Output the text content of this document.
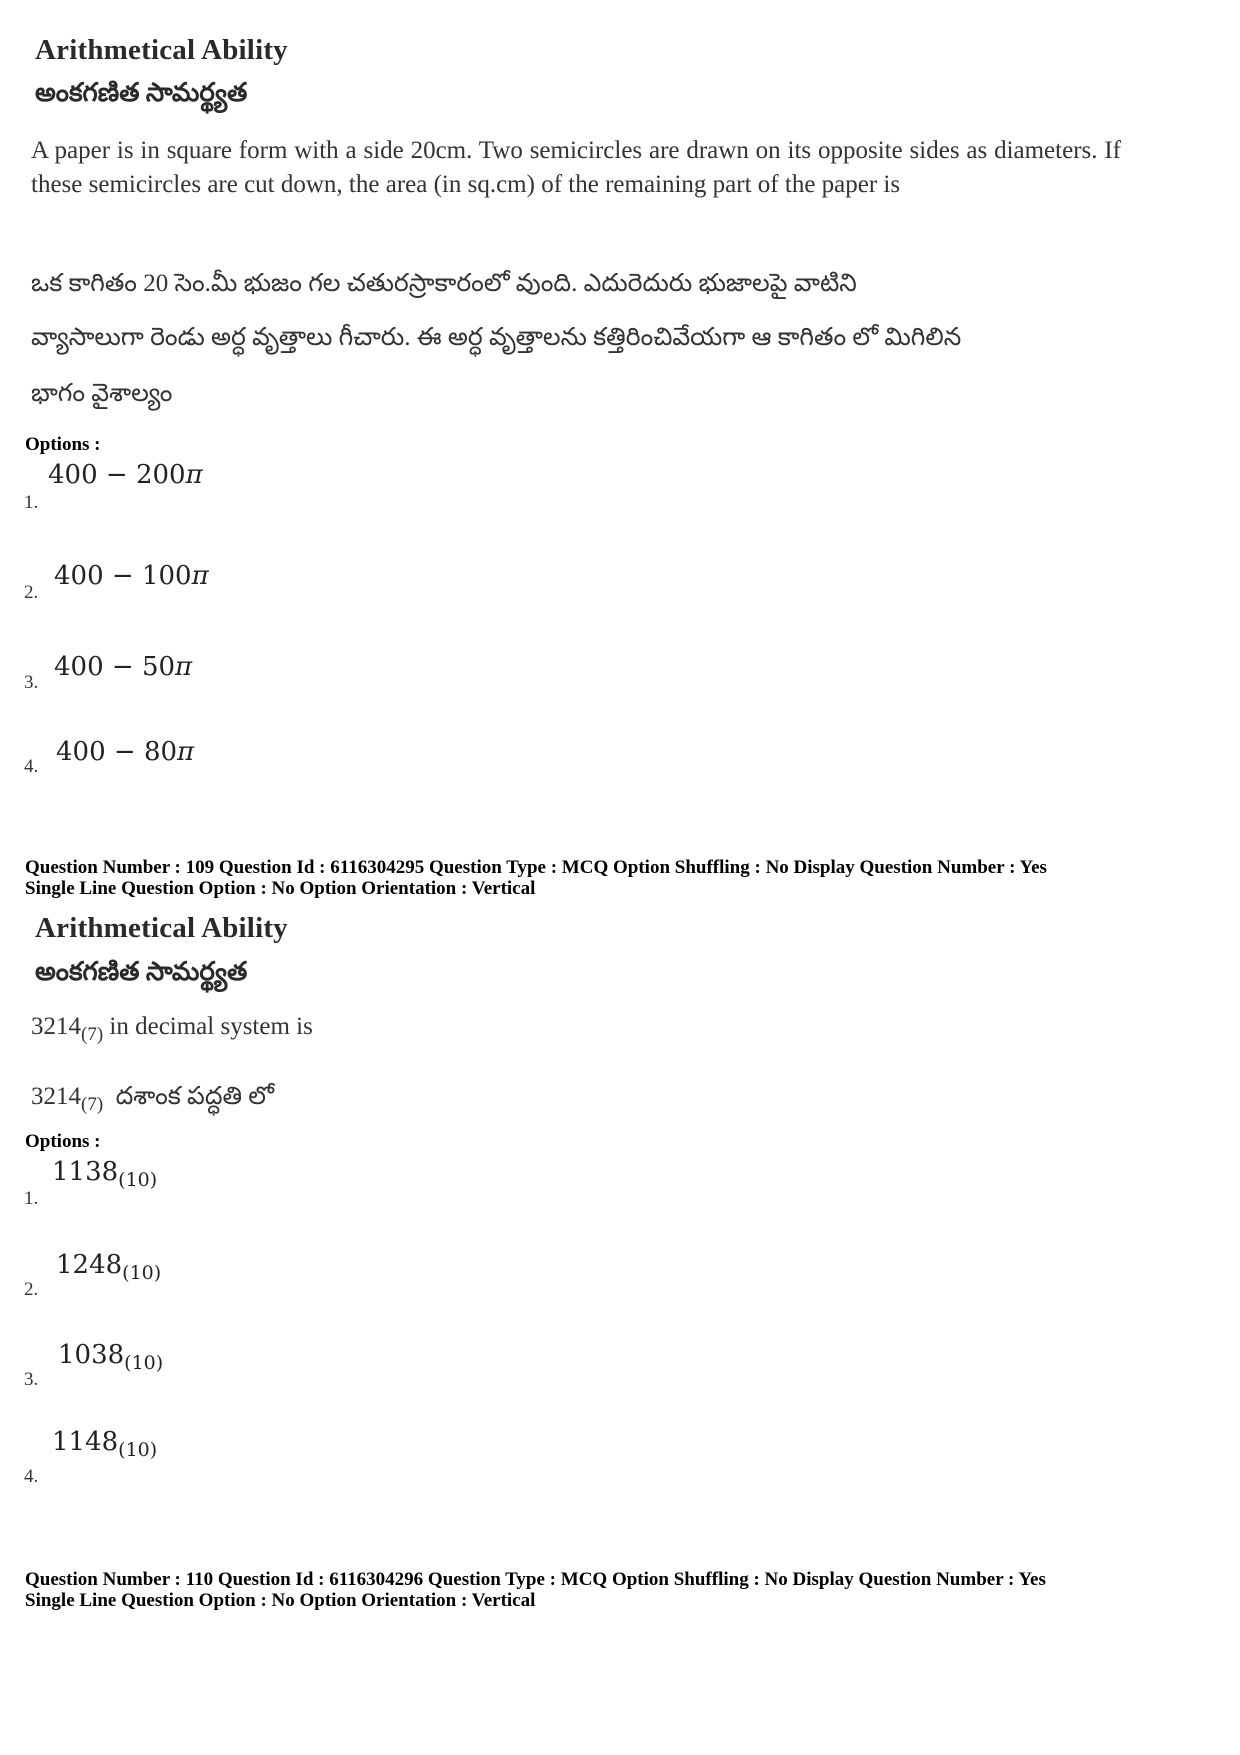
Arithmetical Ability
అంకగణిత సామర్థ్యత
A paper is in square form with a side 20cm. Two semicircles are drawn on its opposite sides as diameters. If these semicircles are cut down, the area (in sq.cm) of the remaining part of the paper is
ఒక కాగితం 20 సెం.మీ భుజం గల చతురస్రాకారంలో వుంది. ఎదురెదురు భుజాలపై వాటిని
వ్యాసాలుగా రెండు అర్ధ వృత్తాలు గీచారు. ఈ అర్ధ వృత్తాలను కత్తిరించివేయగా ఆ కాగితం లో మిగిలిన
భాగం వైశాల్యం
Options :
1.
400 − 200π
2.
400 − 100π
3.
400 − 50π
4. 400 − 80π
Question Number : 109 Question Id : 6116304295 Question Type : MCQ Option Shuffling : No Display Question Number : Yes
Single Line Question Option : No Option Orientation : Vertical
Arithmetical Ability
అంకగణిత సామర్థ్యత
$3214_{(7)}$ in decimal system is
$3214_{(7)}$  దశాంక పద్ధతి లో
Options :
1.
$1138_{(10)}$
2.
$1248_{(10)}$
3.
$1038_{(10)}$
4.
$1148_{(10)}$
Question Number : 110 Question Id : 6116304296 Question Type : MCQ Option Shuffling : No Display Question Number : Yes
Single Line Question Option : No Option Orientation : Vertical
